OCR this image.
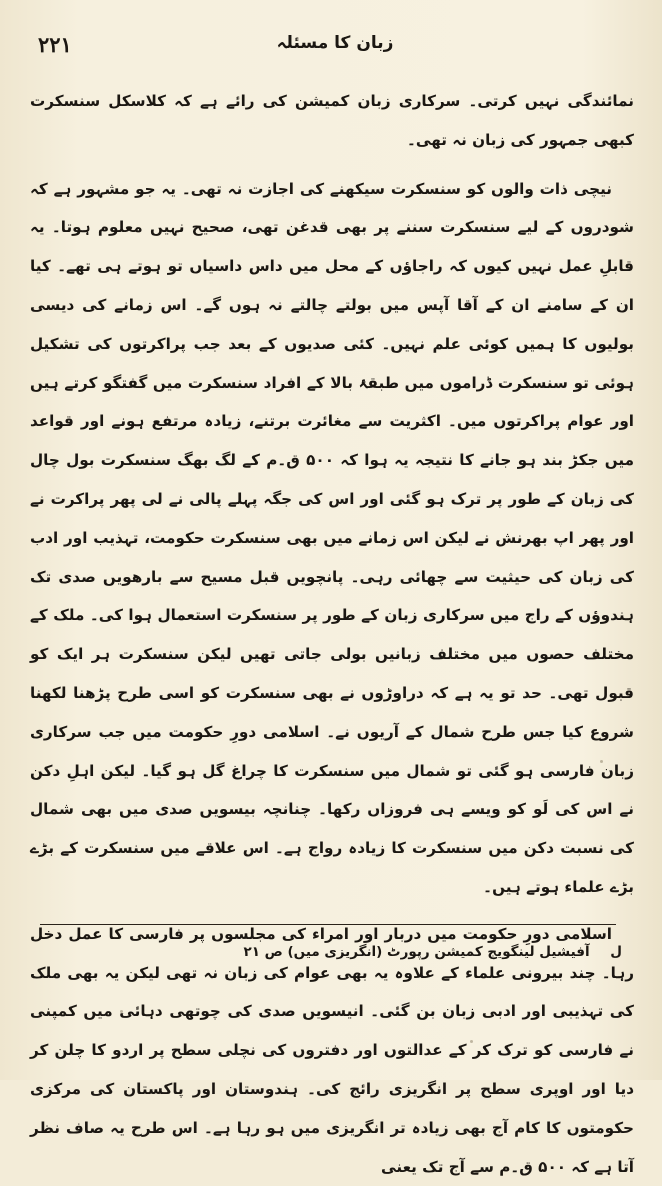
۲۲۱	زبان کا مسئلہ

نمائندگی نہیں کرتی۔ سرکاری زبان کمیشن کی رائے ہے کہ کلاسکل سنسکرت کبھی جمہور کی زبان نہ تھی۔

نیچی ذات والوں کو سنسکرت سیکھنے کی اجازت نہ تھی۔ یہ جو مشہور ہے کہ شودروں کے لیے سنسکرت سننے پر بھی قدغن تھی، صحیح نہیں معلوم ہوتا۔ یہ قابلِ عمل نہیں کیوں کہ راجاؤں کے محل میں داس داسیاں تو ہوتے ہی تھے۔ کیا ان کے سامنے ان کے آقا آپس میں بولتے چالتے نہ ہوں گے۔ اس زمانے کی دیسی بولیوں کا ہمیں کوئی علم نہیں۔ کئی صدیوں کے بعد جب پراکرتوں کی تشکیل ہوئی تو سنسکرت ڈراموں میں طبقۂ بالا کے افراد سنسکرت میں گفتگو کرتے ہیں اور عوام پراکرتوں میں۔ اکثریت سے مغائرت برتنے، زیادہ مرتفع ہونے اور قواعد میں جکڑ بند ہو جانے کا نتیجہ یہ ہوا کہ ۵۰۰ ق۔م کے لگ بھگ سنسکرت بول چال کی زبان کے طور پر ترک ہو گئی اور اس کی جگہ پہلے پالی نے لی پھر پراکرت نے اور پھر اپ بھرنش نے لیکن اس زمانے میں بھی سنسکرت حکومت، تہذیب اور ادب کی زبان کی حیثیت سے چھائی رہی۔ پانچویں قبل مسیح سے بارھویں صدی تک ہندوؤں کے راج میں سرکاری زبان کے طور پر سنسکرت استعمال ہوا کی۔ ملک کے مختلف حصوں میں مختلف زبانیں بولی جاتی تھیں لیکن سنسکرت ہر ایک کو قبول تھی۔ حد تو یہ ہے کہ دراوڑوں نے بھی سنسکرت کو اسی طرح پڑھنا لکھنا شروع کیا جس طرح شمال کے آریوں نے۔ اسلامی دورِ حکومت میں جب سرکاری زبان فارسی ہو گئی تو شمال میں سنسکرت کا چراغ گل ہو گیا۔ لیکن اہلِ دکن نے اس کی لَو کو ویسے ہی فروزاں رکھا۔ چنانچہ بیسویں صدی میں بھی شمال کی نسبت دکن میں سنسکرت کا زیادہ رواج ہے۔ اس علاقے میں سنسکرت کے بڑے بڑے علماء ہوتے ہیں۔

اسلامی دورِ حکومت میں دربار اور امراء کی مجلسوں پر فارسی کا عمل دخل رہا۔ چند بیرونی علماء کے علاوہ یہ بھی عوام کی زبان نہ تھی لیکن یہ بھی ملک کی تہذیبی اور ادبی زبان بن گئی۔ انیسویں صدی کی چوتھی دہائی میں کمپنی نے فارسی کو ترک کر کے عدالتوں اور دفتروں کی نچلی سطح پر اردو کا چلن کر دیا اور اوپری سطح پر انگریزی رائج کی۔ ہندوستان اور پاکستان کی مرکزی حکومتوں کا کام آج بھی زیادہ تر انگریزی میں ہو رہا ہے۔ اس طرح یہ صاف نظر آتا ہے کہ ۵۰۰ ق۔م سے آج تک یعنی

ل آفیشیل لینگویج کمیشن رپورٹ (انگریزی میں) ص ۲۱
